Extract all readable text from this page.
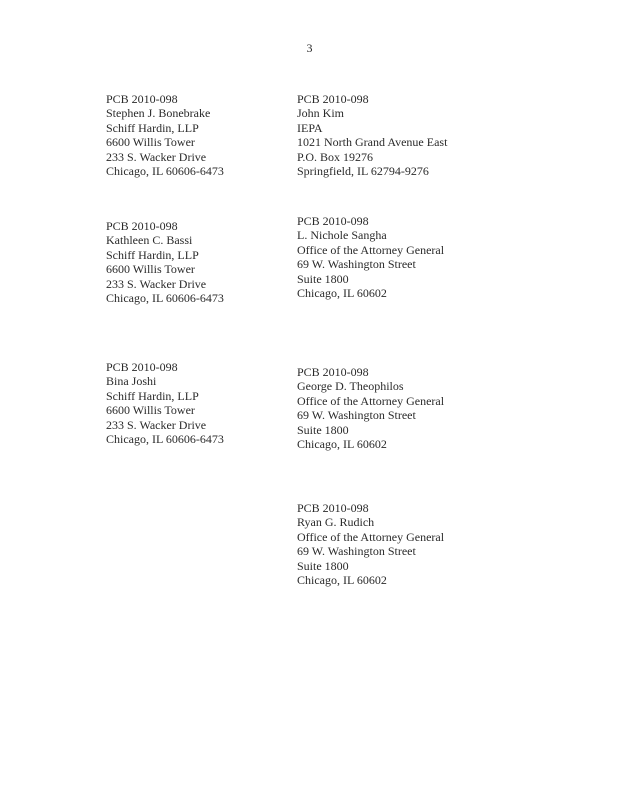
3
PCB 2010-098
Stephen J. Bonebrake
Schiff Hardin, LLP
6600 Willis Tower
233 S. Wacker Drive
Chicago, IL 60606-6473
PCB 2010-098
John Kim
IEPA
1021 North Grand Avenue East
P.O. Box 19276
Springfield, IL 62794-9276
PCB 2010-098
Kathleen C. Bassi
Schiff Hardin, LLP
6600 Willis Tower
233 S. Wacker Drive
Chicago, IL 60606-6473
PCB 2010-098
L. Nichole Sangha
Office of the Attorney General
69 W. Washington Street
Suite 1800
Chicago, IL 60602
PCB 2010-098
Bina Joshi
Schiff Hardin, LLP
6600 Willis Tower
233 S. Wacker Drive
Chicago, IL 60606-6473
PCB 2010-098
George D. Theophilos
Office of the Attorney General
69 W. Washington Street
Suite 1800
Chicago, IL 60602
PCB 2010-098
Ryan G. Rudich
Office of the Attorney General
69 W. Washington Street
Suite 1800
Chicago, IL 60602
